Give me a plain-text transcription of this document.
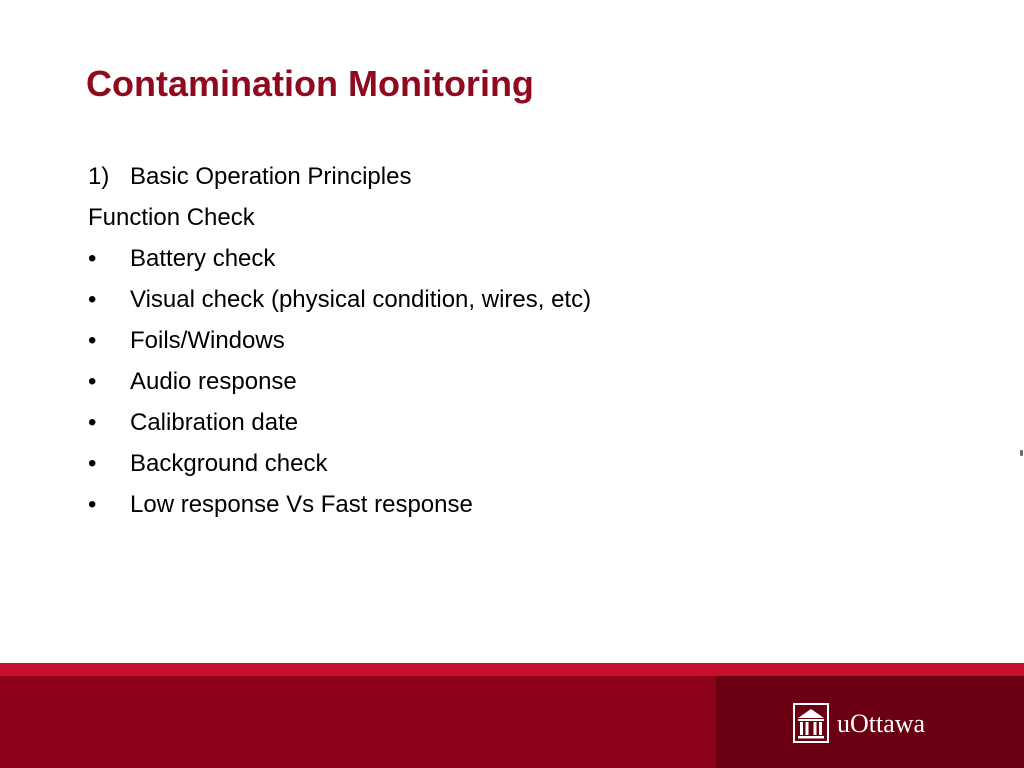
Contamination Monitoring
1) Basic Operation Principles
Function Check
• Battery check
• Visual check (physical condition, wires, etc)
• Foils/Windows
• Audio response
• Calibration date
• Background check
• Low response Vs Fast response
uOttawa
